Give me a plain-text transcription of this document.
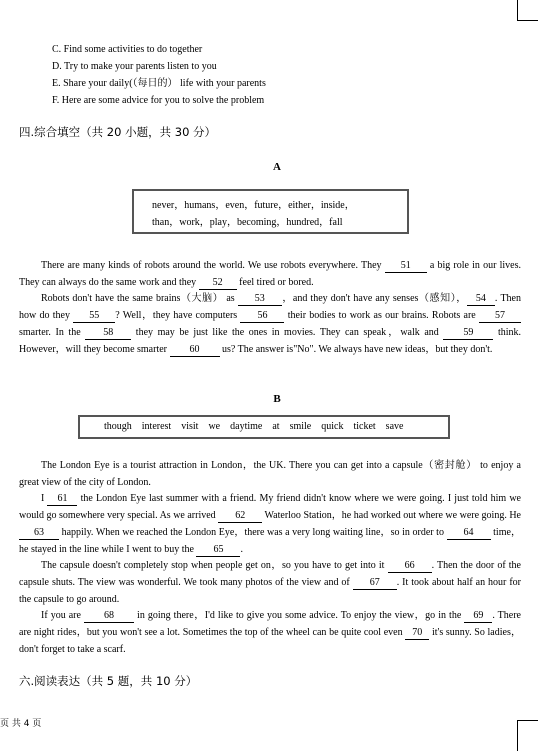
C. Find some activities to do together
D. Try to make your parents listen to you
E. Share your daily(（每日的） life with your parents
F. Here are some advice for you to solve the problem
四.综合填空（共 20 小题，共 30 分）
A
never，humans，even，future，either，inside，
than，work，play，becoming，hundred，fall

There are many kinds of robots around the world. We use robots everywhere. They 51 a big role in our lives. They can always do the same work and they 52 feel tired or bored.

Robots don't have the same brains（大脑） as 53 ，and they don't have any senses（感知）， 54 . Then how do they 55 ? Well，they have computers 56 their bodies to work as our brains. Robots are 57 smarter. In the 58 they may be just like the ones in movies. They can speak，walk and 59 think. However，will they become smarter 60 us? The answer is"No". We always have new ideas，but they don't.

B
though interest visit we daytime at smile quick ticket save

The London Eye is a tourist attraction in London，the UK. There you can get into a capsule（密封舱） to enjoy a great view of the city of London.

I 61 the London Eye last summer with a friend. My friend didn't know where we were going. I just told him we would go somewhere very special. As we arrived 62 Waterloo Station，he had worked out where we were going. He 63 happily. When we reached the London Eye，there was a very long waiting line，so in order to 64 time，he stayed in the line while I went to buy the 65 .

The capsule doesn't completely stop when people get on，so you have to get into it 66 . Then the door of the capsule shuts. The view was wonderful. We took many photos of the view and of 67 . It took about half an hour for the capsule to go around.

If you are 68 in going there，I'd like to give you some advice. To enjoy the view，go in the 69 . There are night rides，but you won't see a lot. Sometimes the top of the wheel can be quite cool even 70 it's sunny. So ladies，don't forget to take a scarf.

六.阅读表达（共 5 题，共 10 分）
页 共 4 页
